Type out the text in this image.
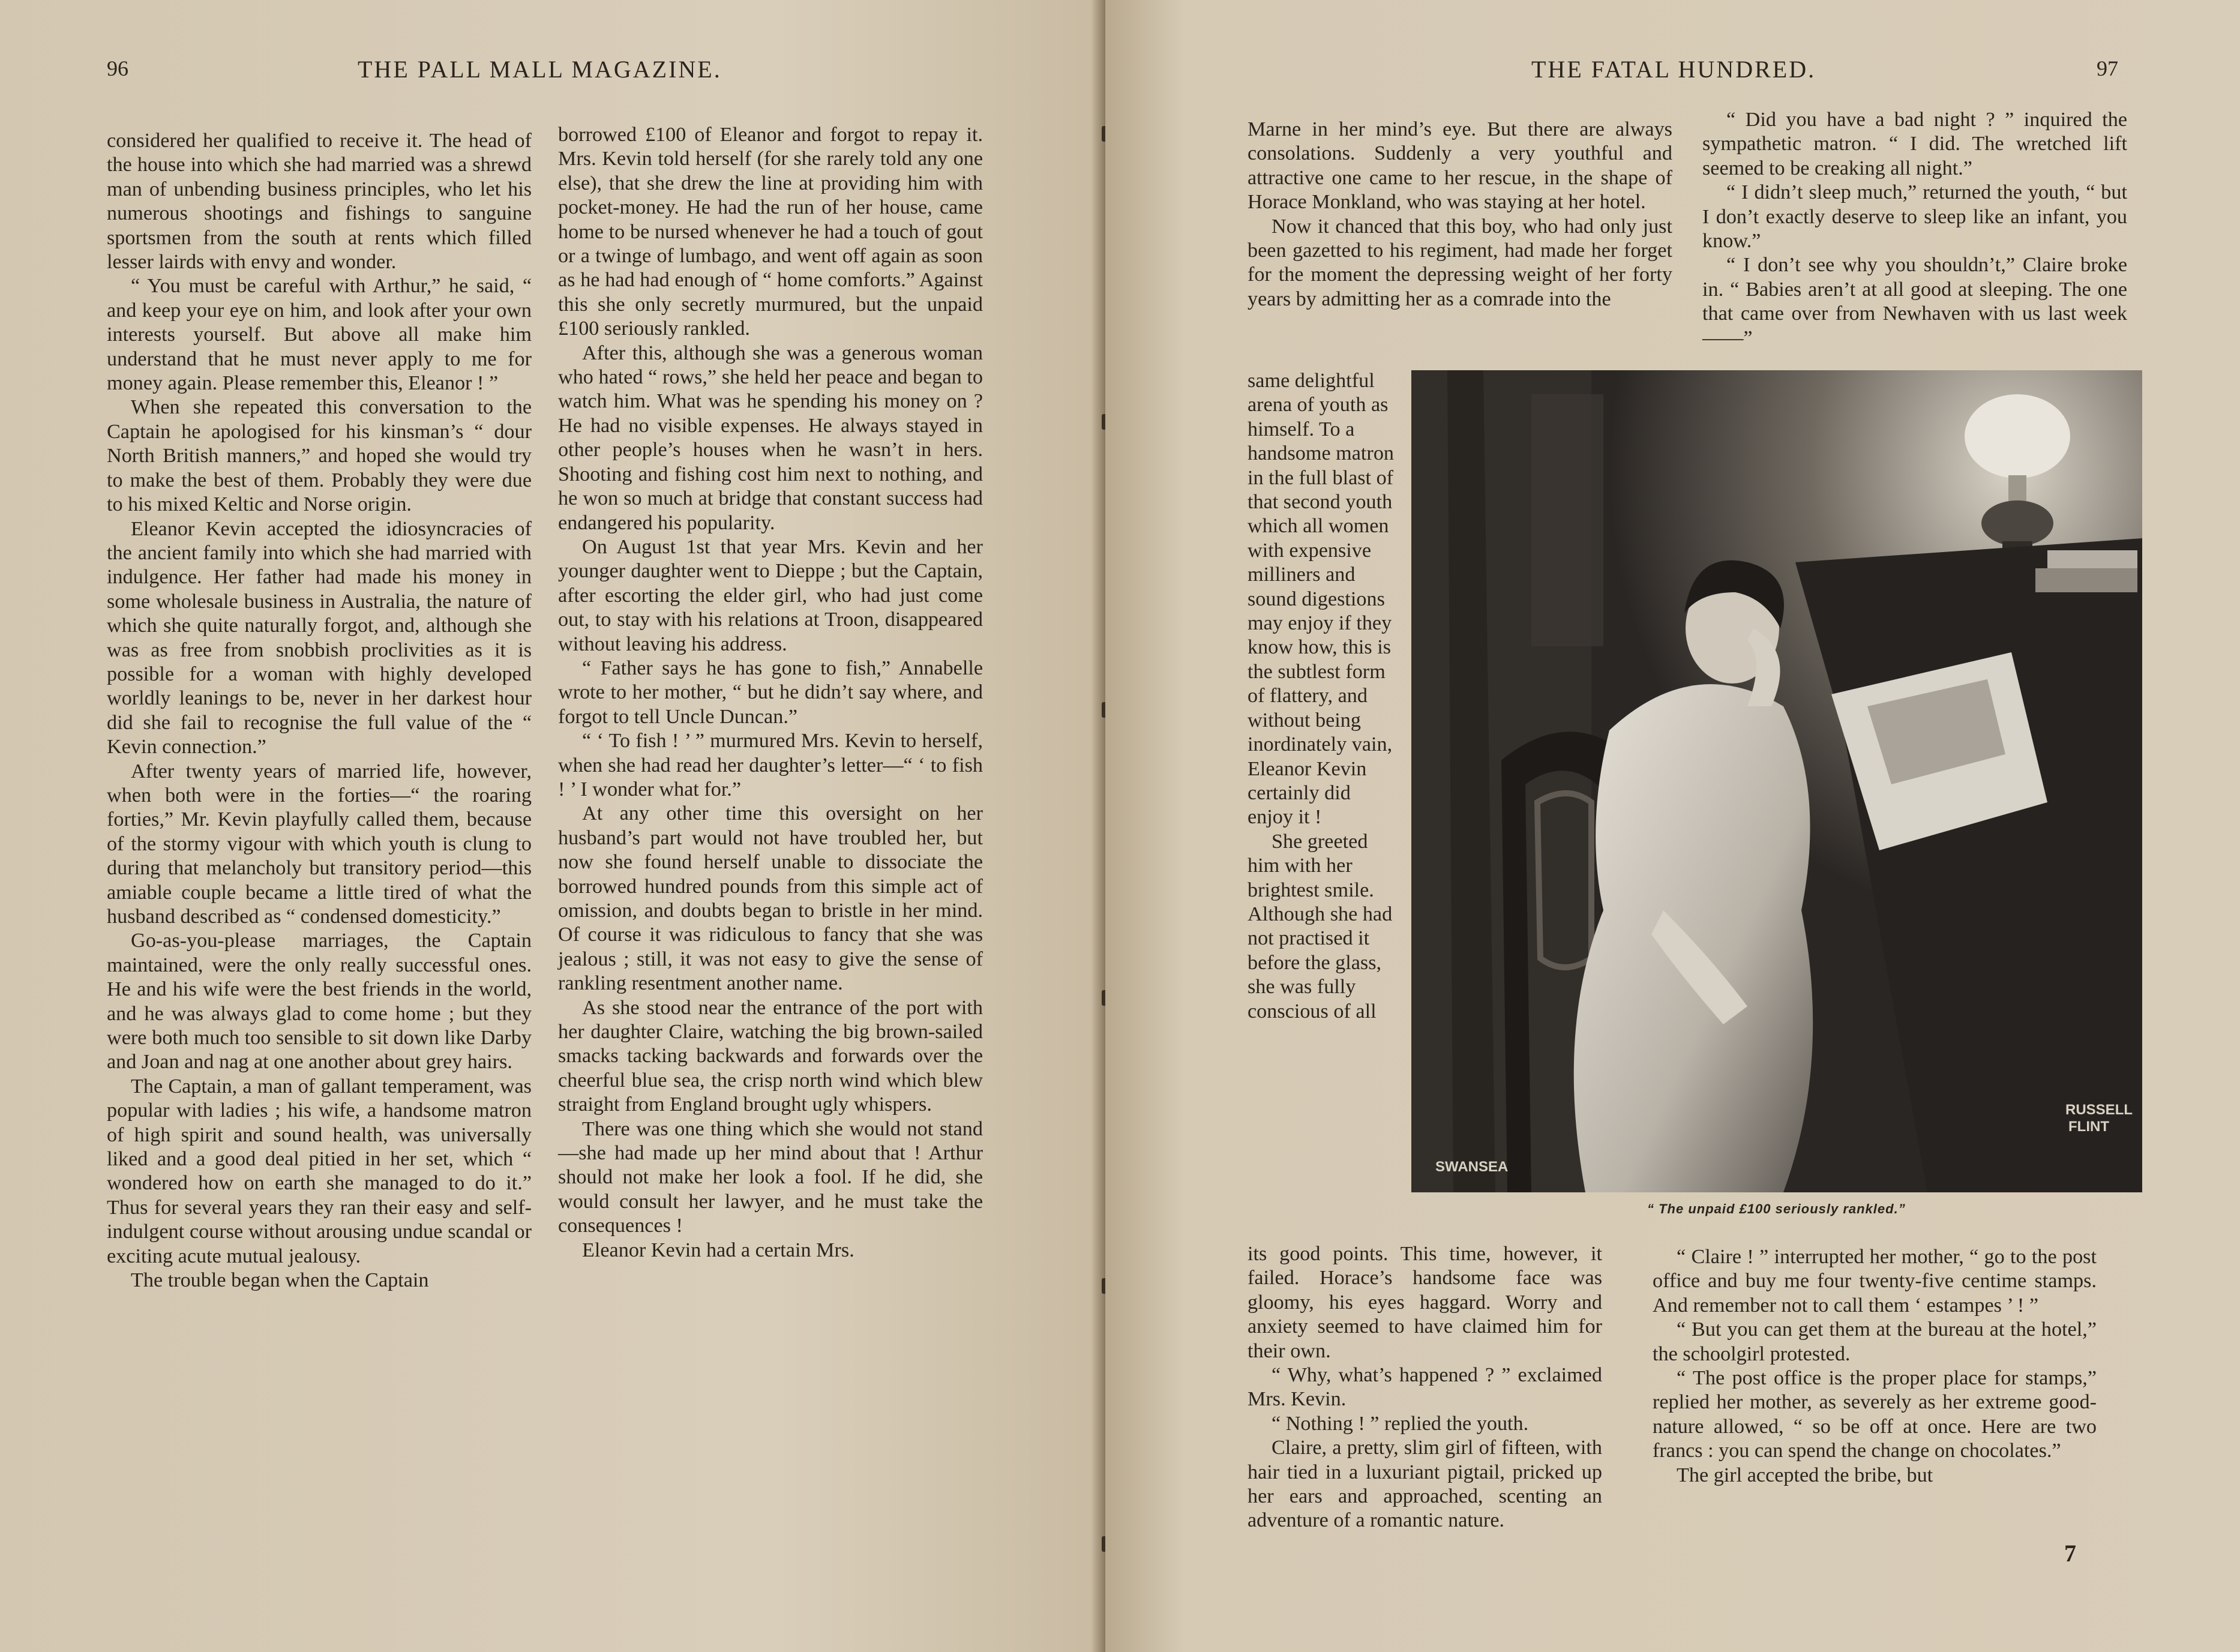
96	THE PALL MALL MAGAZINE.

considered her qualified to receive it. The head of the house into which she had married was a shrewd man of unbending business principles, who let his numerous shootings and fishings to sanguine sportsmen from the south at rents which filled lesser lairds with envy and wonder.

“ You must be careful with Arthur,” he said, “ and keep your eye on him, and look after your own interests yourself. But above all make him understand that he must never apply to me for money again. Please remember this, Eleanor ! ”

When she repeated this conversation to the Captain he apologised for his kinsman’s “ dour North British manners,” and hoped she would try to make the best of them. Probably they were due to his mixed Keltic and Norse origin.

Eleanor Kevin accepted the idiosyncracies of the ancient family into which she had married with indulgence. Her father had made his money in some wholesale business in Australia, the nature of which she quite naturally forgot, and, although she was as free from snobbish proclivities as it is possible for a woman with highly developed worldly leanings to be, never in her darkest hour did she fail to recognise the full value of the “ Kevin connection.”

After twenty years of married life, however, when both were in the forties—“ the roaring forties,” Mr. Kevin playfully called them, because of the stormy vigour with which youth is clung to during that melancholy but transitory period—this amiable couple became a little tired of what the husband described as “ condensed domesticity.”

Go-as-you-please marriages, the Captain maintained, were the only really successful ones. He and his wife were the best friends in the world, and he was always glad to come home ; but they were both much too sensible to sit down like Darby and Joan and nag at one another about grey hairs.

The Captain, a man of gallant temperament, was popular with ladies ; his wife, a handsome matron of high spirit and sound health, was universally liked and a good deal pitied in her set, which “ wondered how on earth she managed to do it.” Thus for several years they ran their easy and self-indulgent course without arousing undue scandal or exciting acute mutual jealousy.

The trouble began when the Captain

borrowed £100 of Eleanor and forgot to repay it. Mrs. Kevin told herself (for she rarely told any one else), that she drew the line at providing him with pocket-money. He had the run of her house, came home to be nursed whenever he had a touch of gout or a twinge of lumbago, and went off again as soon as he had had enough of “ home comforts.” Against this she only secretly murmured, but the unpaid £100 seriously rankled.

After this, although she was a generous woman who hated “ rows,” she held her peace and began to watch him. What was he spending his money on ? He had no visible expenses. He always stayed in other people’s houses when he wasn’t in hers. Shooting and fishing cost him next to nothing, and he won so much at bridge that constant success had endangered his popularity.

On August 1st that year Mrs. Kevin and her younger daughter went to Dieppe ; but the Captain, after escorting the elder girl, who had just come out, to stay with his relations at Troon, disappeared without leaving his address.

“ Father says he has gone to fish,” Annabelle wrote to her mother, “ but he didn’t say where, and forgot to tell Uncle Duncan.”

“ ‘ To fish ! ’ ” murmured Mrs. Kevin to herself, when she had read her daughter’s letter—“ ‘ to fish ! ’ I wonder what for.”

At any other time this oversight on her husband’s part would not have troubled her, but now she found herself unable to dissociate the borrowed hundred pounds from this simple act of omission, and doubts began to bristle in her mind. Of course it was ridiculous to fancy that she was jealous ; still, it was not easy to give the sense of rankling resentment another name.

As she stood near the entrance of the port with her daughter Claire, watching the big brown-sailed smacks tacking backwards and forwards over the cheerful blue sea, the crisp north wind which blew straight from England brought ugly whispers.

There was one thing which she would not stand—she had made up her mind about that ! Arthur should not make her look a fool. If he did, she would consult her lawyer, and he must take the consequences !

Eleanor Kevin had a certain Mrs.

THE FATAL HUNDRED.	97

Marne in her mind’s eye. But there are always consolations. Suddenly a very youthful and attractive one came to her rescue, in the shape of Horace Monkland, who was staying at her hotel.

Now it chanced that this boy, who had only just been gazetted to his regiment, had made her forget for the moment the depressing weight of her forty years by admitting her as a comrade into the

same delightful arena of youth as himself. To a handsome matron in the full blast of that second youth which all women with expensive milliners and sound digestions may enjoy if they know how, this is the subtlest form of flattery, and without being inordinately vain, Eleanor Kevin certainly did enjoy it !

She greeted him with her brightest smile. Although she had not practised it before the glass, she was fully conscious of all

its good points. This time, however, it failed. Horace’s handsome face was gloomy, his eyes haggard. Worry and anxiety seemed to have claimed him for their own.

“ Why, what’s happened ? ” exclaimed Mrs. Kevin.

“ Nothing ! ” replied the youth.

Claire, a pretty, slim girl of fifteen, with hair tied in a luxuriant pigtail, pricked up her ears and approached, scenting an adventure of a romantic nature.

“ Did you have a bad night ? ” inquired the sympathetic matron. “ I did. The wretched lift seemed to be creaking all night.”

“ I didn’t sleep much,” returned the youth, “ but I don’t exactly deserve to sleep like an infant, you know.”

“ I don’t see why you shouldn’t,” Claire broke in. “ Babies aren’t at all good at sleeping. The one that came over from Newhaven with us last week——”

“ Claire ! ” interrupted her mother, “ go to the post office and buy me four twenty-five centime stamps. And remember not to call them ‘ estampes ’ ! ”

“ But you can get them at the bureau at the hotel,” the schoolgirl protested.

“ The post office is the proper place for stamps,” replied her mother, as severely as her extreme good-nature allowed, “ so be off at once. Here are two francs : you can spend the change on chocolates.”

The girl accepted the bribe, but

7
SWANSEA
RUSSELL
FLINT
“ The unpaid £100 seriously rankled.”
